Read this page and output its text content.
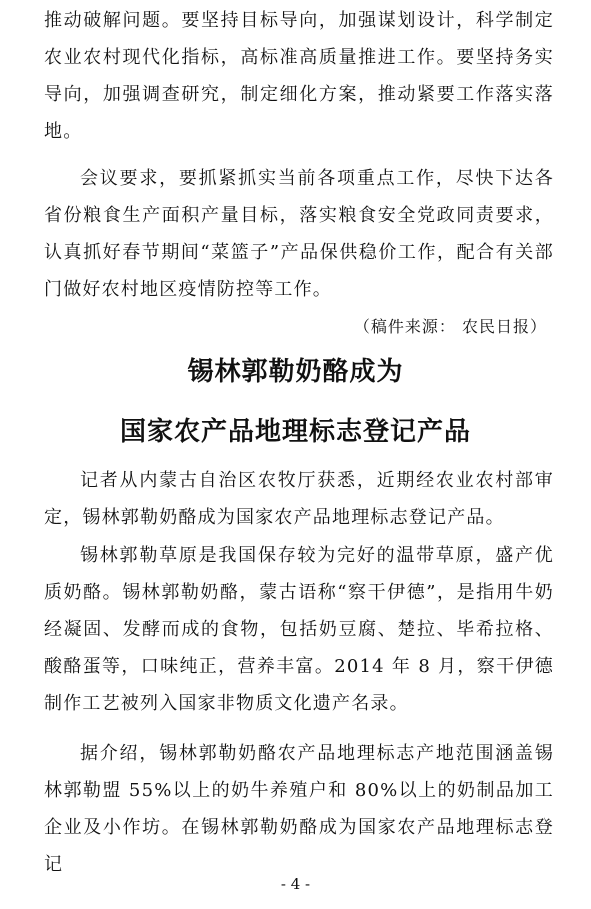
推动破解问题。要坚持目标导向，加强谋划设计，科学制定农业农村现代化指标，高标准高质量推进工作。要坚持务实导向，加强调查研究，制定细化方案，推动紧要工作落实落地。

会议要求，要抓紧抓实当前各项重点工作，尽快下达各省份粮食生产面积产量目标，落实粮食安全党政同责要求，认真抓好春节期间“菜篮子”产品保供稳价工作，配合有关部门做好农村地区疫情防控等工作。

（稿件来源： 农民日报）

锡林郭勒奶酪成为
国家农产品地理标志登记产品

记者从内蒙古自治区农牧厅获悉，近期经农业农村部审定，锡林郭勒奶酪成为国家农产品地理标志登记产品。

锡林郭勒草原是我国保存较为完好的温带草原，盛产优质奶酪。锡林郭勒奶酪，蒙古语称“察干伊德”，是指用牛奶经凝固、发酵而成的食物，包括奶豆腐、楚拉、毕希拉格、酸酪蛋等，口味纯正，营养丰富。2014 年 8 月，察干伊德制作工艺被列入国家非物质文化遗产名录。

据介绍，锡林郭勒奶酪农产品地理标志产地范围涵盖锡林郭勒盟 55%以上的奶牛养殖户和 80%以上的奶制品加工企业及小作坊。在锡林郭勒奶酪成为国家农产品地理标志登记

- 4 -
